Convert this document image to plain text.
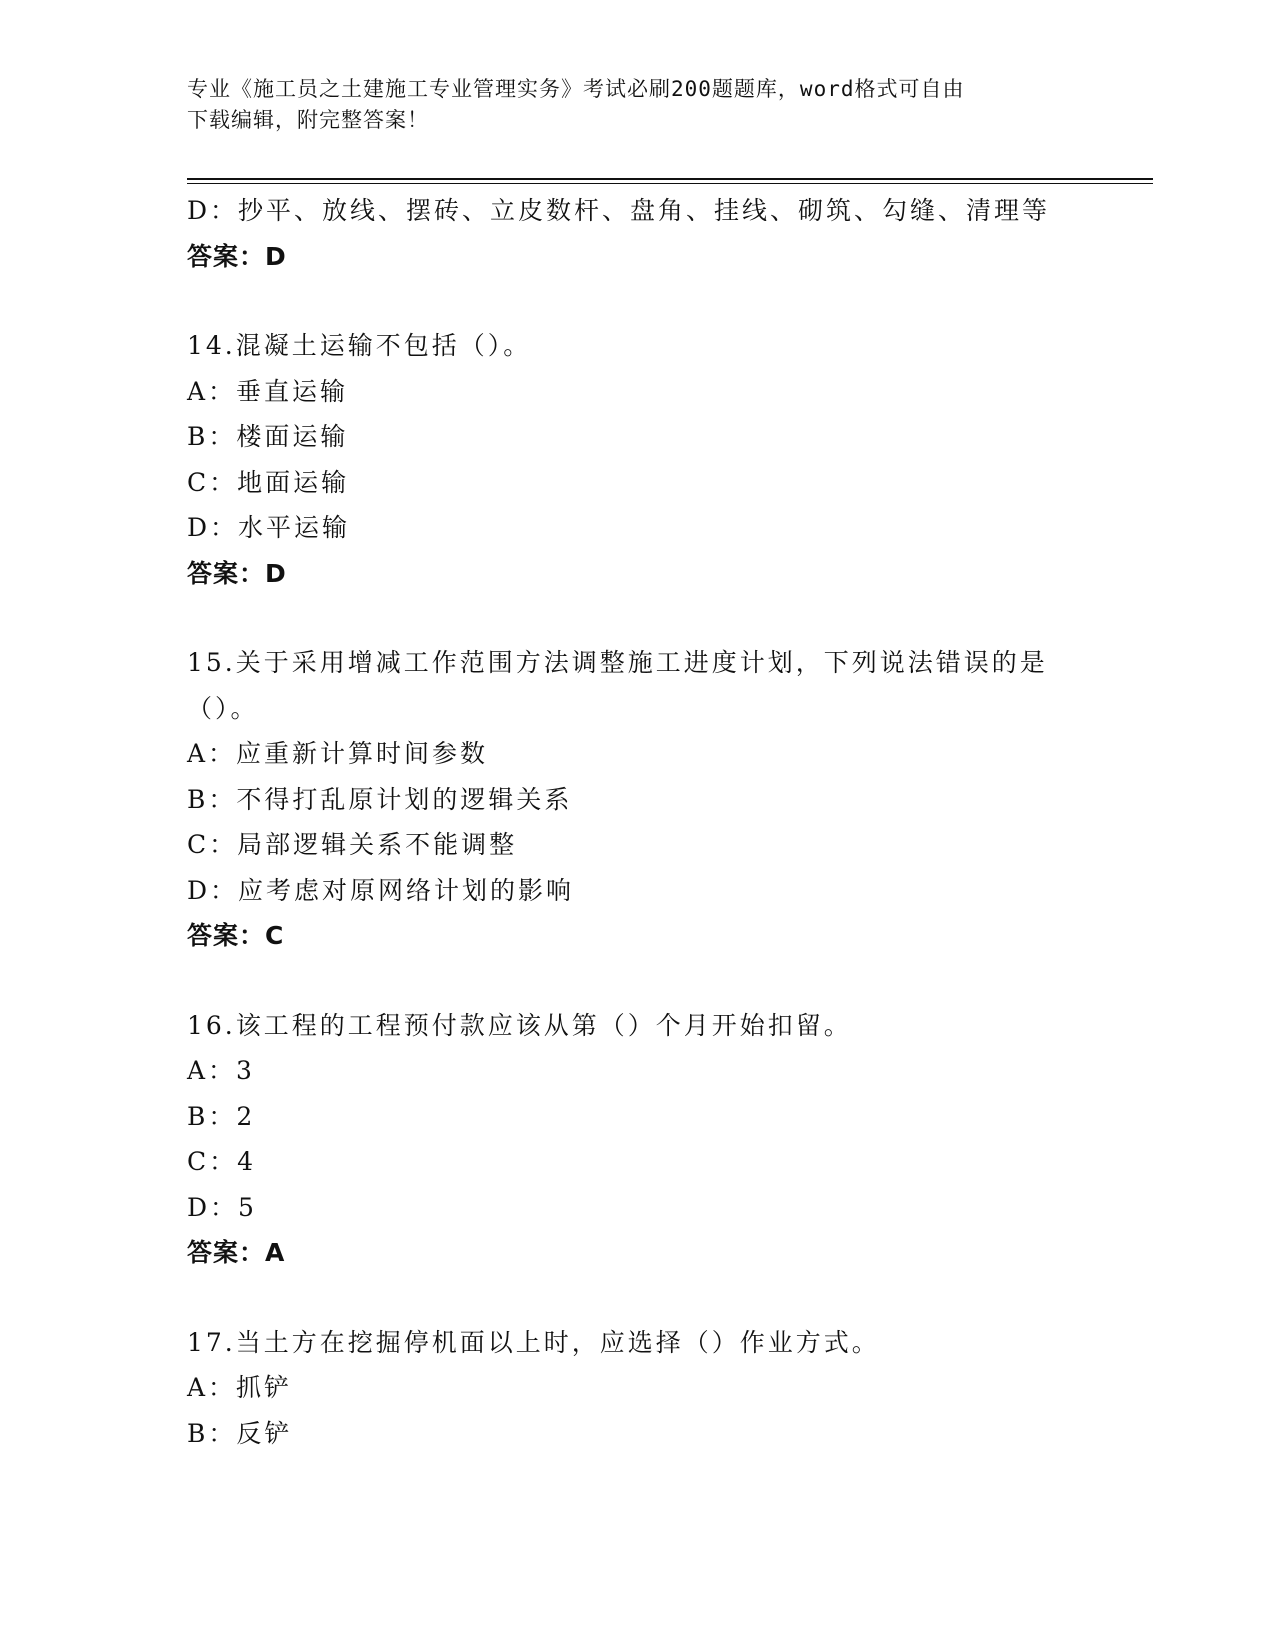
专业《施工员之土建施工专业管理实务》考试必刷200题题库，word格式可自由
下载编辑，附完整答案！
D：抄平、放线、摆砖、立皮数杆、盘角、挂线、砌筑、勾缝、清理等
答案：D
14.混凝土运输不包括（）。
A：垂直运输
B：楼面运输
C：地面运输
D：水平运输
答案：D
15.关于采用增减工作范围方法调整施工进度计划，下列说法错误的是
（）。
A：应重新计算时间参数
B：不得打乱原计划的逻辑关系
C：局部逻辑关系不能调整
D：应考虑对原网络计划的影响
答案：C
16.该工程的工程预付款应该从第（）个月开始扣留。
A：3
B：2
C：4
D：5
答案：A
17.当土方在挖掘停机面以上时，应选择（）作业方式。
A：抓铲
B：反铲
